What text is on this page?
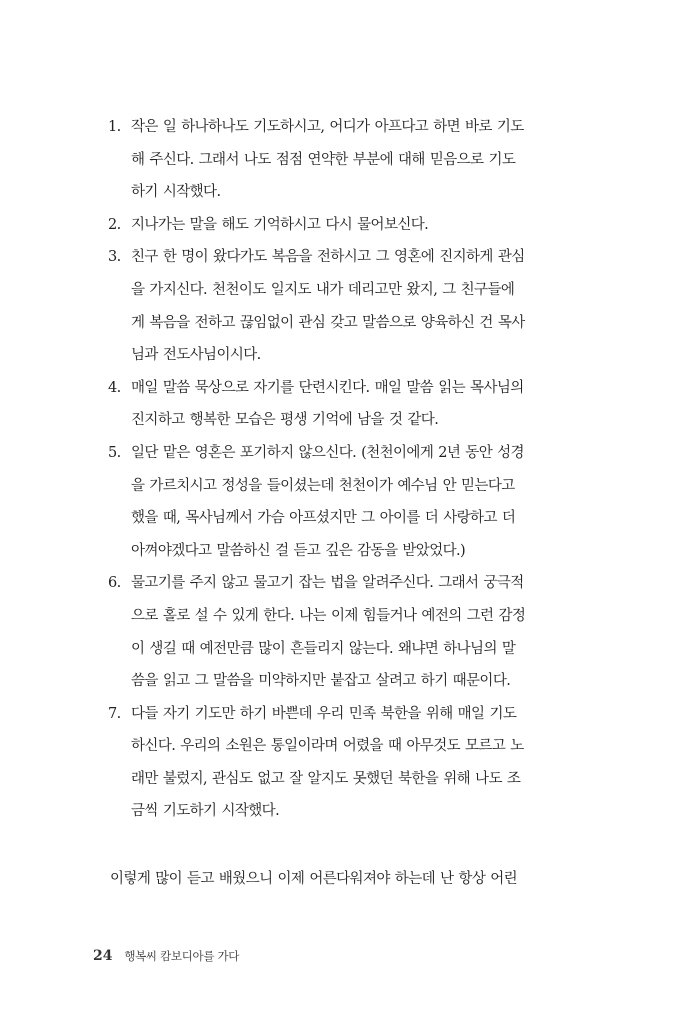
1. 작은 일 하나하나도 기도하시고, 어디가 아프다고 하면 바로 기도
해 주신다. 그래서 나도 점점 연약한 부분에 대해 믿음으로 기도
하기 시작했다.
2. 지나가는 말을 해도 기억하시고 다시 물어보신다.
3. 친구 한 명이 왔다가도 복음을 전하시고 그 영혼에 진지하게 관심
을 가지신다. 천천이도 일지도 내가 데리고만 왔지, 그 친구들에
게 복음을 전하고 끊임없이 관심 갖고 말씀으로 양육하신 건 목사
님과 전도사님이시다.
4. 매일 말씀 묵상으로 자기를 단련시킨다. 매일 말씀 읽는 목사님의
진지하고 행복한 모습은 평생 기억에 남을 것 같다.
5. 일단 맡은 영혼은 포기하지 않으신다. (천천이에게 2년 동안 성경
을 가르치시고 정성을 들이셨는데 천천이가 예수님 안 믿는다고
했을 때, 목사님께서 가슴 아프셨지만 그 아이를 더 사랑하고 더
아껴야겠다고 말씀하신 걸 듣고 깊은 감동을 받았었다.)
6. 물고기를 주지 않고 물고기 잡는 법을 알려주신다. 그래서 궁극적
으로 홀로 설 수 있게 한다. 나는 이제 힘들거나 예전의 그런 감정
이 생길 때 예전만큼 많이 흔들리지 않는다. 왜냐면 하나님의 말
씀을 읽고 그 말씀을 미약하지만 붙잡고 살려고 하기 때문이다.
7. 다들 자기 기도만 하기 바쁜데 우리 민족 북한을 위해 매일 기도
하신다. 우리의 소원은 통일이라며 어렸을 때 아무것도 모르고 노
래만 불렀지, 관심도 없고 잘 알지도 못했던 북한을 위해 나도 조
금씩 기도하기 시작했다.
이렇게 많이 듣고 배웠으니 이제 어른다워져야 하는데 난 항상 어린
24 행복씨 캄보디아를 가다
